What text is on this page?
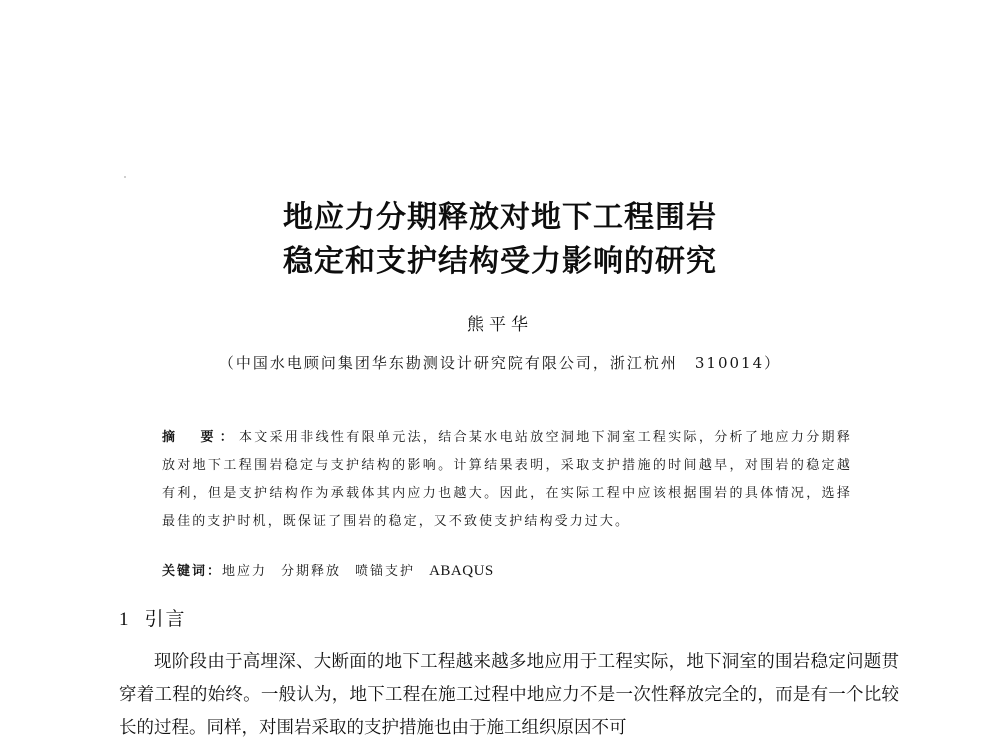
地应力分期释放对地下工程围岩
稳定和支护结构受力影响的研究
熊平华
（中国水电顾问集团华东勘测设计研究院有限公司，浙江杭州　310014）
摘　要：本文采用非线性有限单元法，结合某水电站放空洞地下洞室工程实际，分析了地应力分期释放对地下工程围岩稳定与支护结构的影响。计算结果表明，采取支护措施的时间越早，对围岩的稳定越有利，但是支护结构作为承载体其内应力也越大。因此，在实际工程中应该根据围岩的具体情况，选择最佳的支护时机，既保证了围岩的稳定，又不致使支护结构受力过大。
关键词：地应力 分期释放 喷锚支护 ABAQUS
1 引言
现阶段由于高埋深、大断面的地下工程越来越多地应用于工程实际，地下洞室的围岩稳定问题贯穿着工程的始终。一般认为，地下工程在施工过程中地应力不是一次性释放完全的，而是有一个比较长的过程。同样，对围岩采取的支护措施也由于施工组织原因不可
